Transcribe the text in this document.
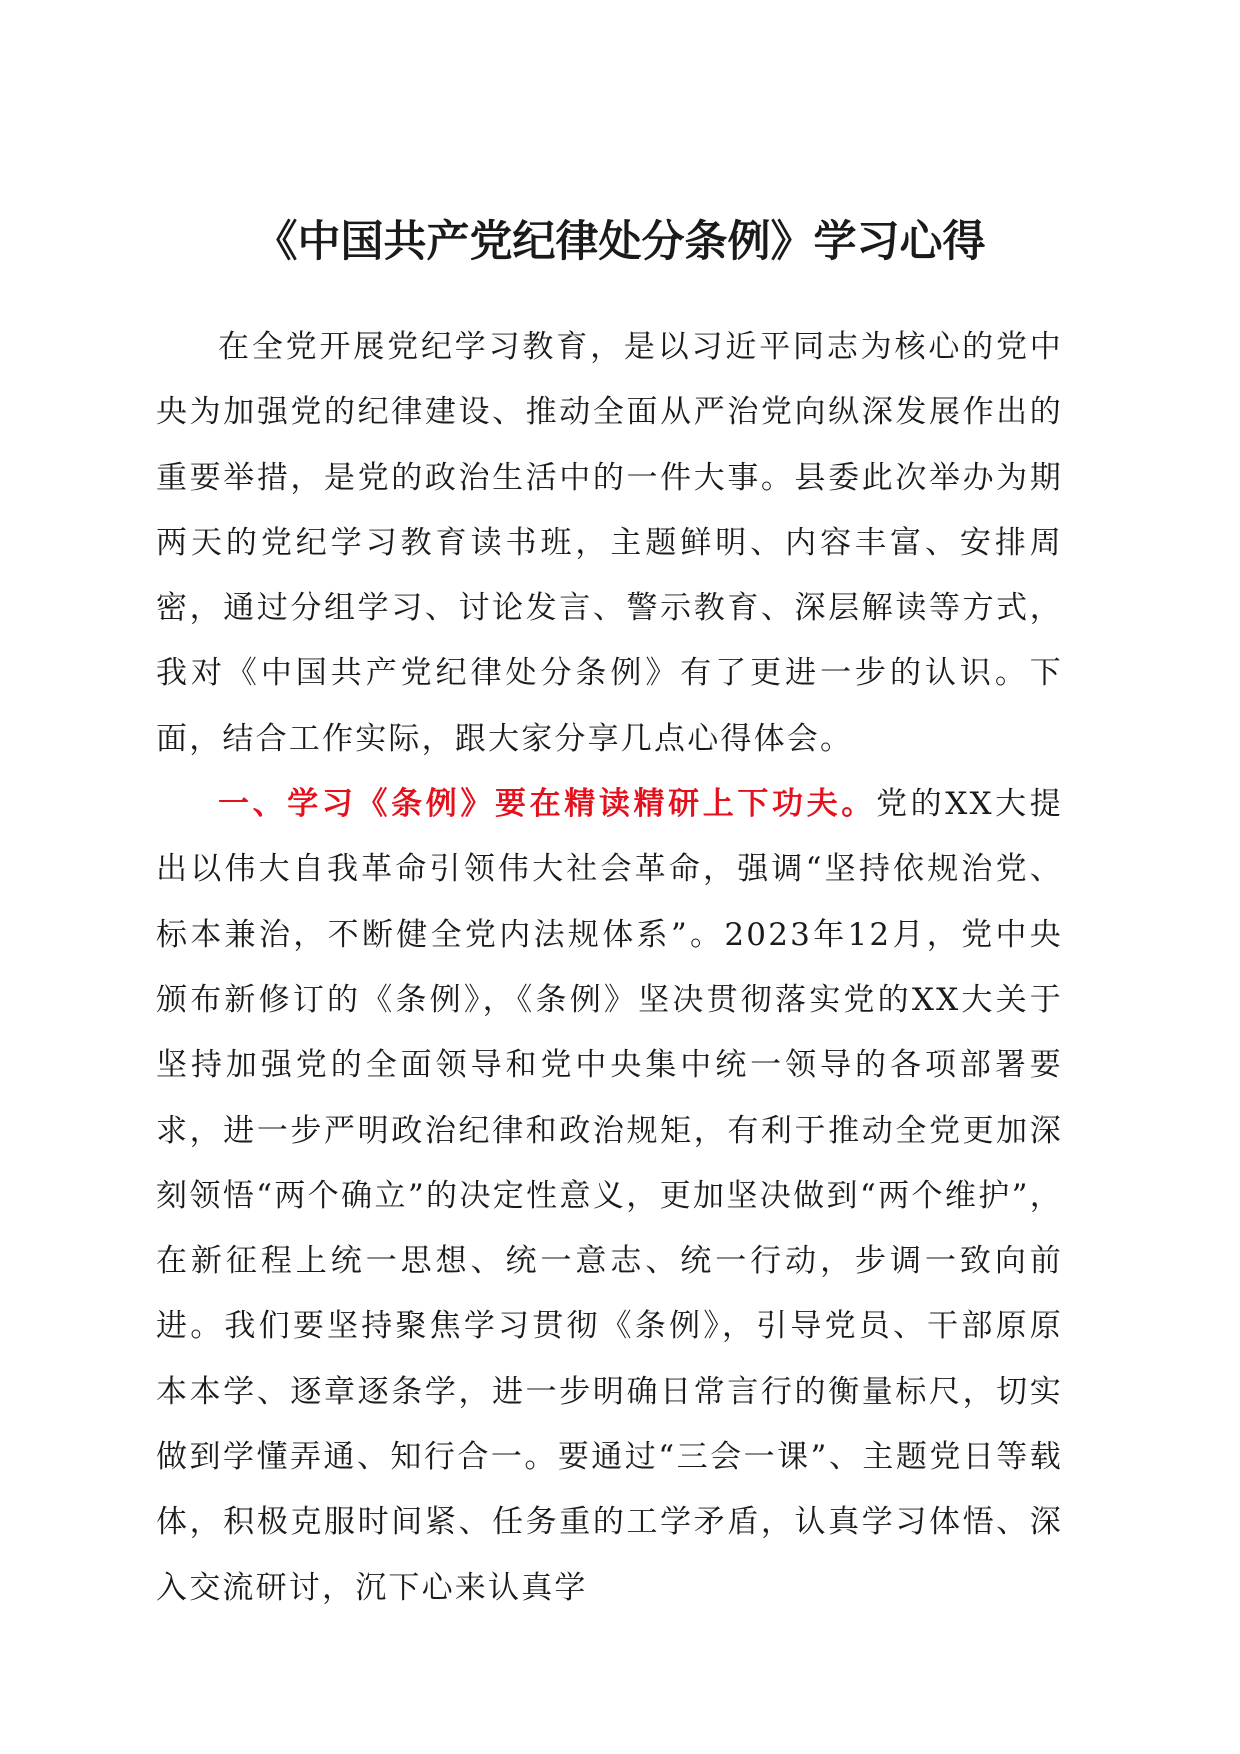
《中国共产党纪律处分条例》学习心得

在全党开展党纪学习教育，是以习近平同志为核心的党中央为加强党的纪律建设、推动全面从严治党向纵深发展作出的重要举措，是党的政治生活中的一件大事。县委此次举办为期两天的党纪学习教育读书班，主题鲜明、内容丰富、安排周密，通过分组学习、讨论发言、警示教育、深层解读等方式，我对《中国共产党纪律处分条例》有了更进一步的认识。下面，结合工作实际，跟大家分享几点心得体会。

一、学习《条例》要在精读精研上下功夫。党的XX大提出以伟大自我革命引领伟大社会革命，强调“坚持依规治党、标本兼治，不断健全党内法规体系”。2023年12月，党中央颁布新修订的《条例》，《条例》坚决贯彻落实党的XX大关于坚持加强党的全面领导和党中央集中统一领导的各项部署要求，进一步严明政治纪律和政治规矩，有利于推动全党更加深刻领悟“两个确立”的决定性意义，更加坚决做到“两个维护”，在新征程上统一思想、统一意志、统一行动，步调一致向前进。我们要坚持聚焦学习贯彻《条例》，引导党员、干部原原本本学、逐章逐条学，进一步明确日常言行的衡量标尺，切实做到学懂弄通、知行合一。要通过“三会一课”、主题党日等载体，积极克服时间紧、任务重的工学矛盾，认真学习体悟、深入交流研讨，沉下心来认真学
